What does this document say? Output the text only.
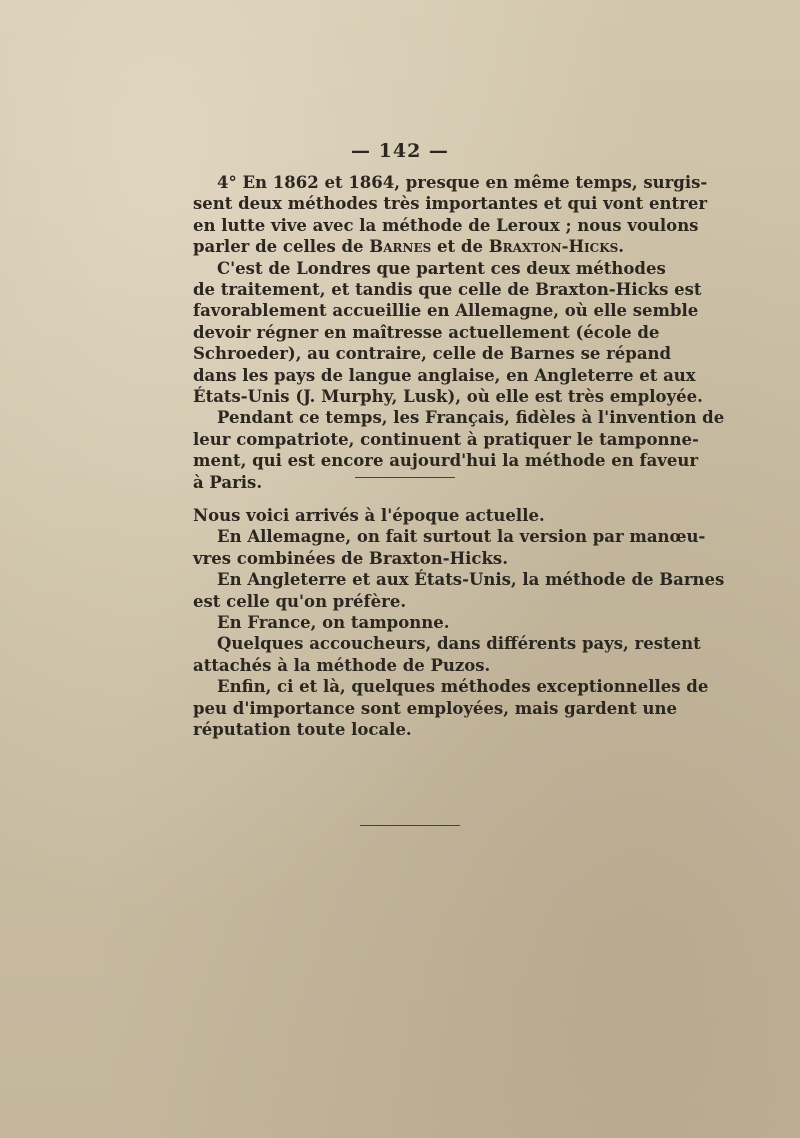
— 142 —

4° En 1862 et 1864, presque en même temps, surgis-
sent deux méthodes très importantes et qui vont entrer
en lutte vive avec la méthode de Leroux ; nous voulons
parler de celles de Barnes et de Braxton-Hicks.

C'est de Londres que partent ces deux méthodes
de traitement, et tandis que celle de Braxton-Hicks est
favorablement accueillie en Allemagne, où elle semble
devoir régner en maîtresse actuellement (école de
Schroeder), au contraire, celle de Barnes se répand
dans les pays de langue anglaise, en Angleterre et aux
États-Unis (J. Murphy, Lusk), où elle est très employée.

Pendant ce temps, les Français, fidèles à l'invention de
leur compatriote, continuent à pratiquer le tamponne-
ment, qui est encore aujourd'hui la méthode en faveur
à Paris.

Nous voici arrivés à l'époque actuelle.

En Allemagne, on fait surtout la version par manœu-
vres combinées de Braxton-Hicks.

En Angleterre et aux États-Unis, la méthode de Barnes
est celle qu'on préfère.

En France, on tamponne.

Quelques accoucheurs, dans différents pays, restent
attachés à la méthode de Puzos.

Enfin, ci et là, quelques méthodes exceptionnelles de
peu d'importance sont employées, mais gardent une
réputation toute locale.
